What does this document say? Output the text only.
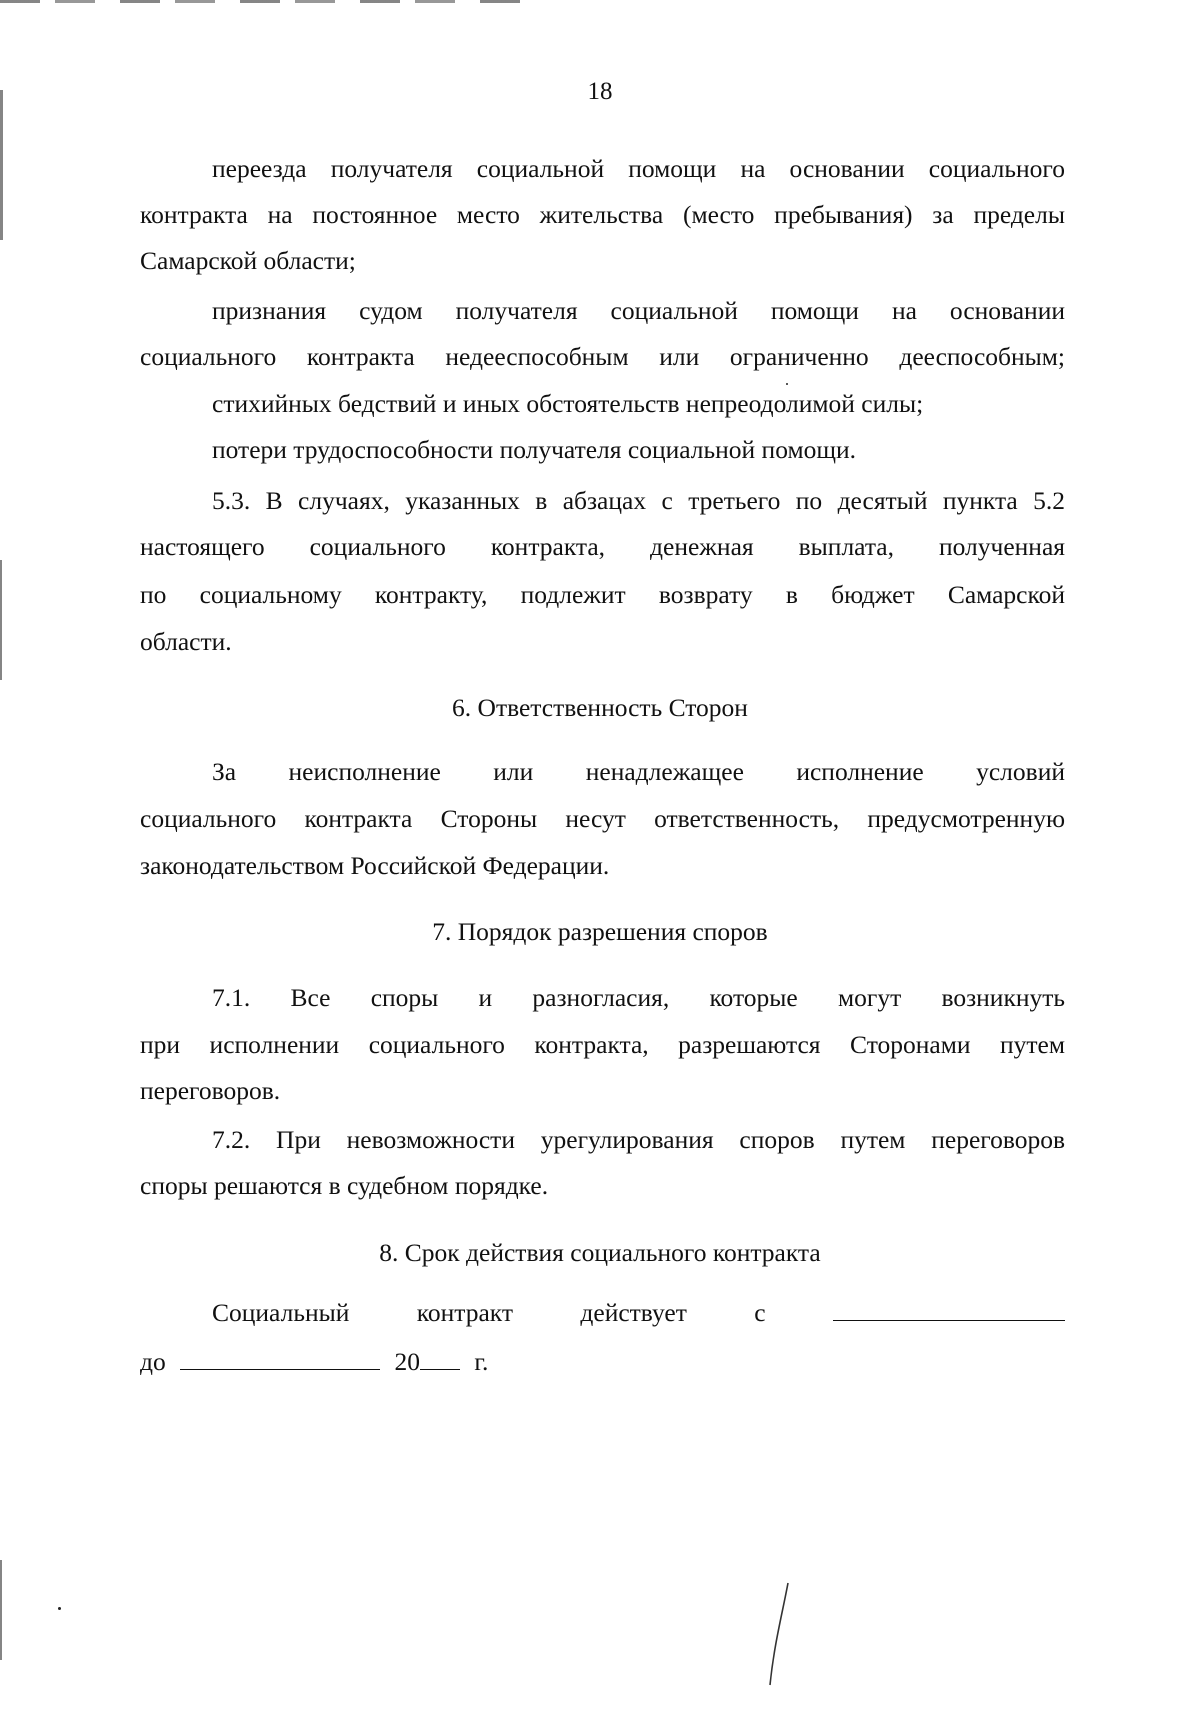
18
переезда получателя социальной помощи на основании социального
контракта на постоянное место жительства (место пребывания) за пределы
Самарской области;
признания судом получателя социальной помощи на основании
социального контракта недееспособным или ограниченно дееспособным;
стихийных бедствий и иных обстоятельств непреодолимой силы;
потери трудоспособности получателя социальной помощи.
5.3. В случаях, указанных в абзацах с третьего по десятый пункта 5.2
настоящего социального контракта, денежная выплата, полученная
по социальному контракту, подлежит возврату в бюджет Самарской
области.
6. Ответственность Сторон
За неисполнение или ненадлежащее исполнение условий
социального контракта Стороны несут ответственность, предусмотренную
законодательством Российской Федерации.
7. Порядок разрешения споров
7.1. Все споры и разногласия, которые могут возникнуть
при исполнении социального контракта, разрешаются Сторонами путем
переговоров.
7.2. При невозможности урегулирования споров путем переговоров
споры решаются в судебном порядке.
8. Срок действия социального контракта
Социальный	контракт	действует	с
до	20 г.
